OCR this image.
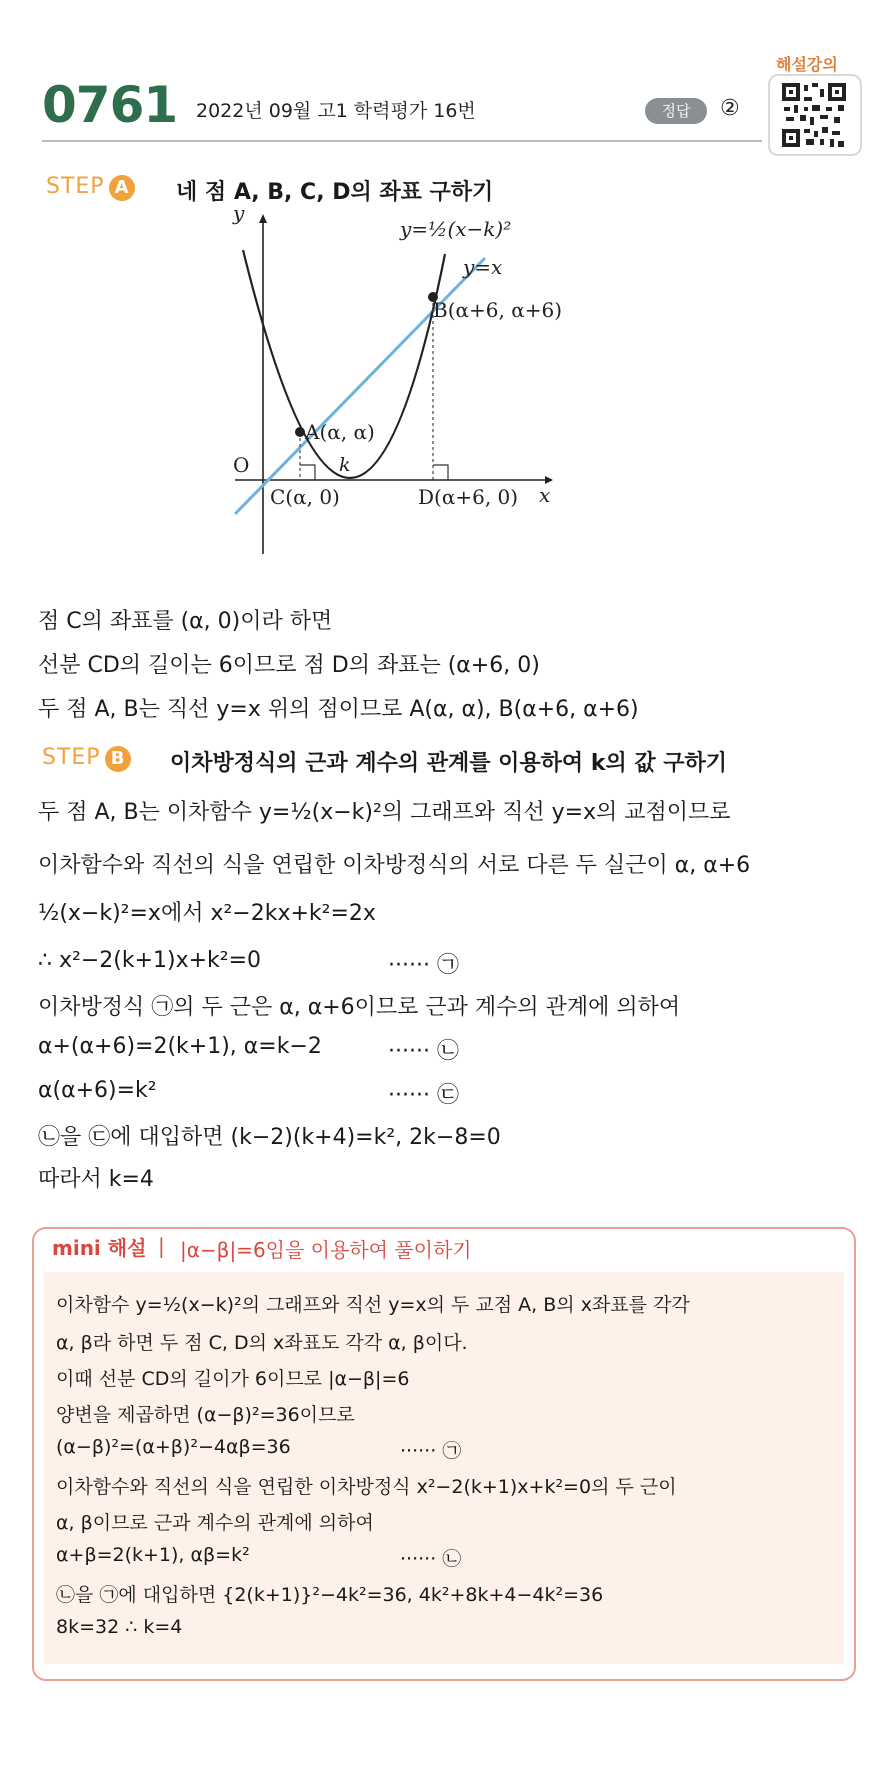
0761 2022년 09월 고1 학력평가 16번	정답	②
해설강의
STEP A 네 점 A, B, C, D의 좌표 구하기
y
x
O
y=½(x−k)²
y=x
B(α+6, α+6)
A(α, α)
k
C(α, 0)	D(α+6, 0)
점 C의 좌표를 (α, 0)이라 하면
선분 CD의 길이는 6이므로 점 D의 좌표는 (α+6, 0)
두 점 A, B는 직선 y=x 위의 점이므로 A(α, α), B(α+6, α+6)
STEP B 이차방정식의 근과 계수의 관계를 이용하여 k의 값 구하기
두 점 A, B는 이차함수 y=½(x−k)²의 그래프와 직선 y=x의 교점이므로
이차함수와 직선의 식을 연립한 이차방정식의 서로 다른 두 실근이 α, α+6
½(x−k)²=x에서 x²−2kx+k²=2x
∴ x²−2(k+1)x+k²=0	······ ㉠
이차방정식 ㉠의 두 근은 α, α+6이므로 근과 계수의 관계에 의하여
α+(α+6)=2(k+1), α=k−2	······ ㉡
α(α+6)=k²	······ ㉢
㉡을 ㉢에 대입하면 (k−2)(k+4)=k², 2k−8=0
따라서 k=4
mini 해설 | |α−β|=6임을 이용하여 풀이하기
이차함수 y=½(x−k)²의 그래프와 직선 y=x의 두 교점 A, B의 x좌표를 각각
α, β라 하면 두 점 C, D의 x좌표도 각각 α, β이다.
이때 선분 CD의 길이가 6이므로 |α−β|=6
양변을 제곱하면 (α−β)²=36이므로
(α−β)²=(α+β)²−4αβ=36	······ ㉠
이차함수와 직선의 식을 연립한 이차방정식 x²−2(k+1)x+k²=0의 두 근이
α, β이므로 근과 계수의 관계에 의하여
α+β=2(k+1), αβ=k²	······ ㉡
㉡을 ㉠에 대입하면 {2(k+1)}²−4k²=36, 4k²+8k+4−4k²=36
8k=32 ∴ k=4
